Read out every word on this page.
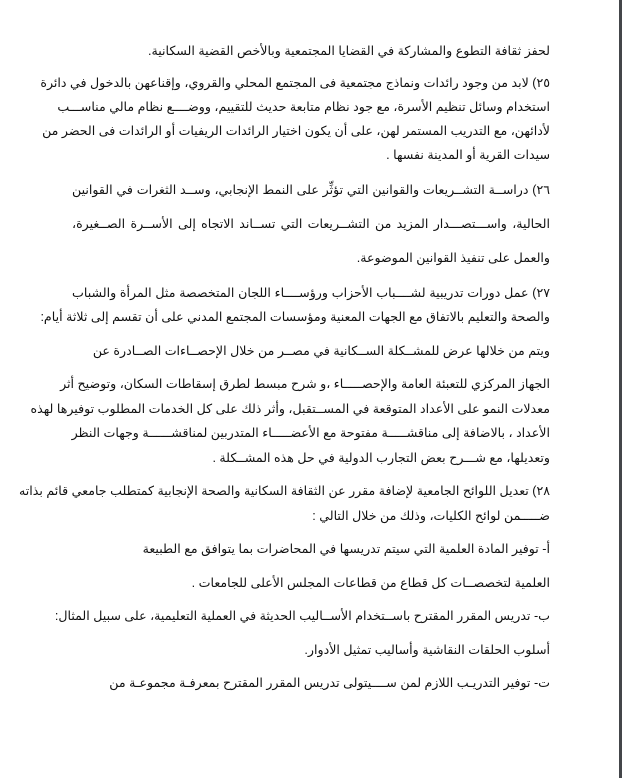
لحفز ثقافة التطوع والمشاركة في القضايا المجتمعية وبالأخص القضية السكانية.
٢٥) لابد من وجود رائدات ونماذج مجتمعية فى المجتمع المحلي والقروي، وإقناعهن بالدخول في دائرة
استخدام وسائل تنظيم الأسرة، مع جود نظام متابعة حديث للتقييم، ووضــــع نظام مالي مناســـب
لأدائهن، مع التدريب المستمر لهن، على أن يكون اختيار الرائدات الريفيات أو الرائدات فى الحضر من
سيدات القرية أو المدينة نفسها .
٢٦) دراســة التشــريعات والقوانين التي تؤثِّر على النمط الإنجابي، وســد الثغرات في القوانين
الحالية، واســـتصـــدار المزيد من التشــريعات التي تســاند الاتجاه إلى الأســرة الصــغيرة،
والعمل على تنفيذ القوانين الموضوعة.
٢٧) عمل دورات تدريبية لشــــباب الأحزاب ورؤســــاء اللجان المتخصصة مثل المرأة والشباب
والصحة والتعليم بالاتفاق مع الجهات المعنية ومؤسسات المجتمع المدني على أن تقسم إلى ثلاثة أيام:
ويتم من خلالها عرض للمشــكلة الســكانية في مصــر من خلال الإحصــاءات الصــادرة عن
الجهاز المركزي للتعبئة العامة والإحصـــــاء ،و شرح مبسط لطرق إسقاطات السكان، وتوضيح أثر
معدلات النمو على الأعداد المتوقعة في المســتقبل، وأثر ذلك على كل الخدمات المطلوب توفيرها لهذه
الأعداد ، بالاضافة إلى مناقشـــــة مفتوحة مع الأعضـــــاء المتدربين لمناقشــــــة وجهات النظر
وتعديلها، مع شـــرح بعض التجارب الدولية في حل هذه المشــكلة .
٢٨) تعديل اللوائح الجامعية لإضافة مقرر عن الثقافة السكانية والصحة الإنجابية كمتطلب جامعي قائم بذاته
ضـــــمن لوائح الكليات، وذلك من خلال التالي :
أ- توفير المادة العلمية التي سيتم تدريسها في المحاضرات بما يتوافق مع الطبيعة
العلمية لتخصصــات كل قطاع من قطاعات المجلس الأعلى للجامعات .
ب- تدريس المقرر المقترح باســتخدام الأســاليب الحديثة في العملية التعليمية، على سبيل المثال:
أسلوب الحلقات النقاشية وأساليب تمثيل الأدوار.
ت- توفير التدريـب اللازم لمن ســــيتولى تدريس المقرر المقترح بمعرفـة مجموعـة من
